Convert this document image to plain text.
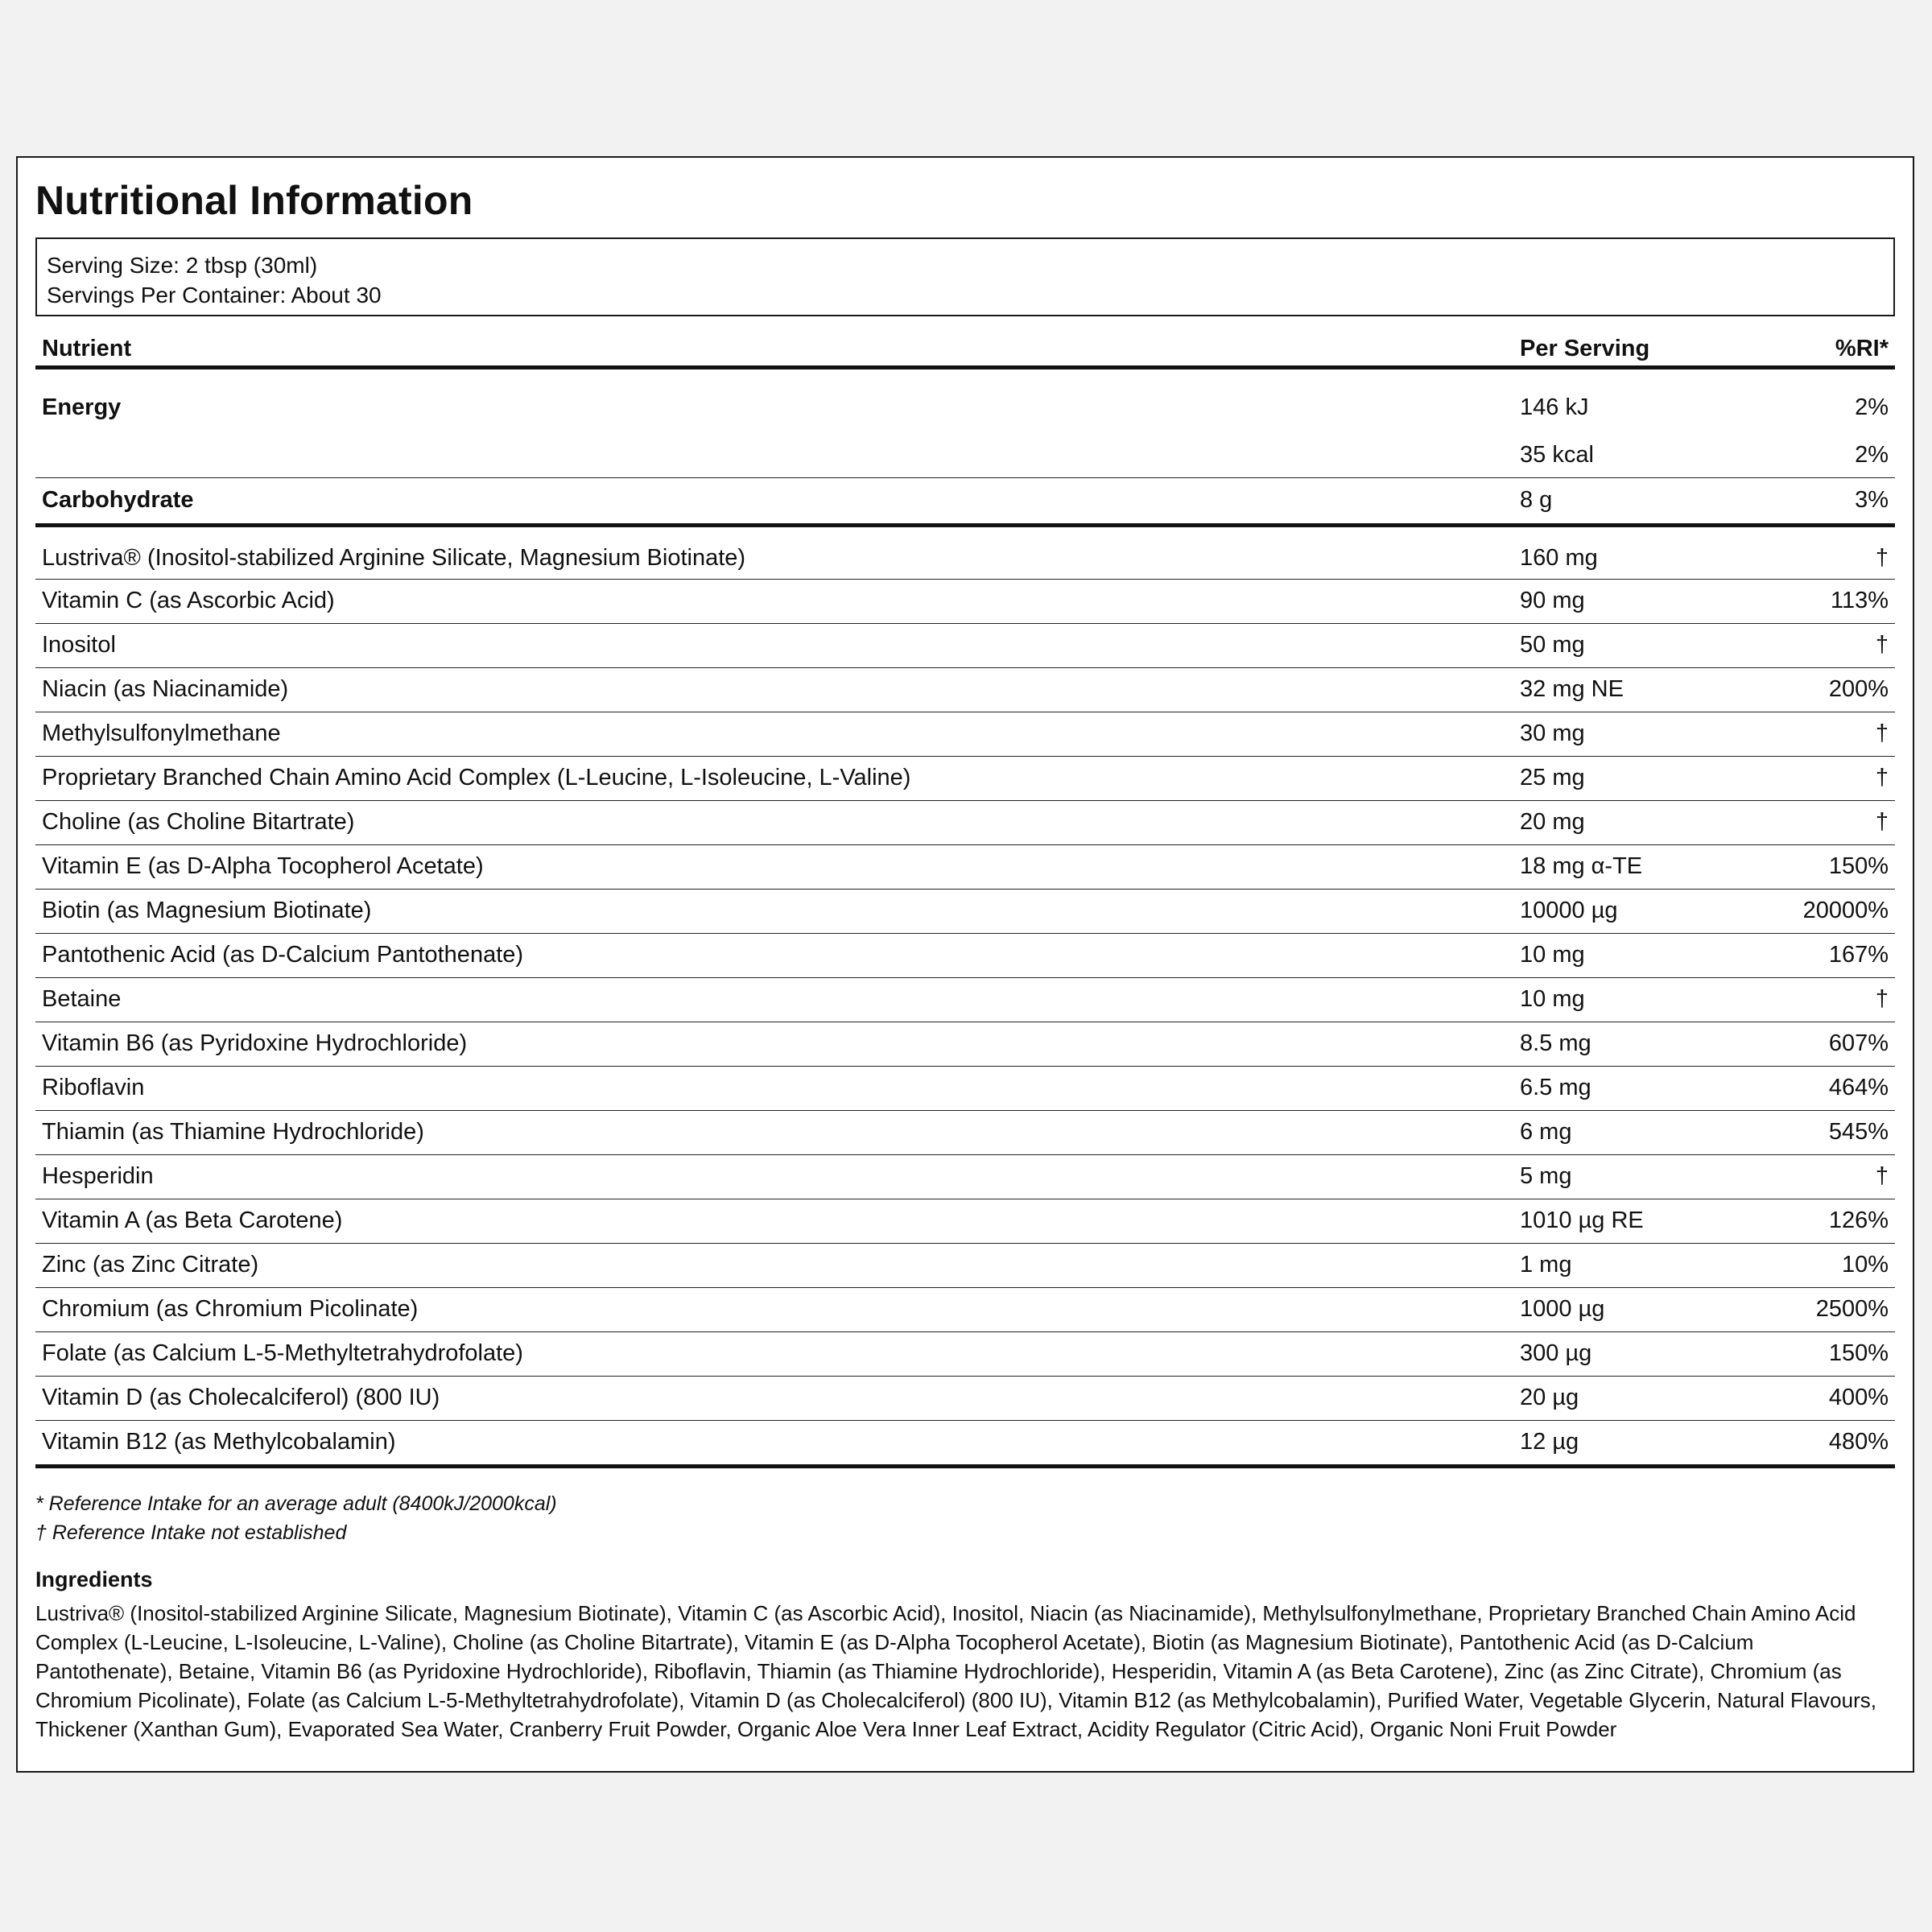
Nutritional Information
Serving Size: 2 tbsp (30ml)
Servings Per Container: About 30
Nutrient	Per Serving	%RI*
Energy	146 kJ	2%
	35 kcal	2%
Carbohydrate	8 g	3%
Lustriva® (Inositol-stabilized Arginine Silicate, Magnesium Biotinate)	160 mg	†
Vitamin C (as Ascorbic Acid)	90 mg	113%
Inositol	50 mg	†
Niacin (as Niacinamide)	32 mg NE	200%
Methylsulfonylmethane	30 mg	†
Proprietary Branched Chain Amino Acid Complex (L-Leucine, L-Isoleucine, L-Valine)	25 mg	†
Choline (as Choline Bitartrate)	20 mg	†
Vitamin E (as D-Alpha Tocopherol Acetate)	18 mg α-TE	150%
Biotin (as Magnesium Biotinate)	10000 µg	20000%
Pantothenic Acid (as D-Calcium Pantothenate)	10 mg	167%
Betaine	10 mg	†
Vitamin B6 (as Pyridoxine Hydrochloride)	8.5 mg	607%
Riboflavin	6.5 mg	464%
Thiamin (as Thiamine Hydrochloride)	6 mg	545%
Hesperidin	5 mg	†
Vitamin A (as Beta Carotene)	1010 µg RE	126%
Zinc (as Zinc Citrate)	1 mg	10%
Chromium (as Chromium Picolinate)	1000 µg	2500%
Folate (as Calcium L-5-Methyltetrahydrofolate)	300 µg	150%
Vitamin D (as Cholecalciferol) (800 IU)	20 µg	400%
Vitamin B12 (as Methylcobalamin)	12 µg	480%
* Reference Intake for an average adult (8400kJ/2000kcal)
† Reference Intake not established
Ingredients
Lustriva® (Inositol-stabilized Arginine Silicate, Magnesium Biotinate), Vitamin C (as Ascorbic Acid), Inositol, Niacin (as Niacinamide), Methylsulfonylmethane, Proprietary Branched Chain Amino Acid Complex (L-Leucine, L-Isoleucine, L-Valine), Choline (as Choline Bitartrate), Vitamin E (as D-Alpha Tocopherol Acetate), Biotin (as Magnesium Biotinate), Pantothenic Acid (as D-Calcium Pantothenate), Betaine, Vitamin B6 (as Pyridoxine Hydrochloride), Riboflavin, Thiamin (as Thiamine Hydrochloride), Hesperidin, Vitamin A (as Beta Carotene), Zinc (as Zinc Citrate), Chromium (as Chromium Picolinate), Folate (as Calcium L-5-Methyltetrahydrofolate), Vitamin D (as Cholecalciferol) (800 IU), Vitamin B12 (as Methylcobalamin), Purified Water, Vegetable Glycerin, Natural Flavours, Thickener (Xanthan Gum), Evaporated Sea Water, Cranberry Fruit Powder, Organic Aloe Vera Inner Leaf Extract, Acidity Regulator (Citric Acid), Organic Noni Fruit Powder
